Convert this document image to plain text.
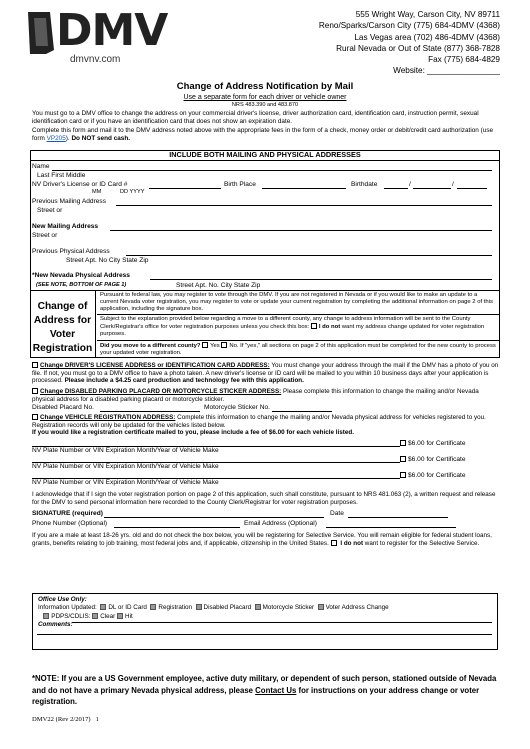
DMV
dmvnv.com
555 Wright Way, Carson City, NV 89711
Reno/Sparks/Carson City (775) 684-4DMV (4368)
Las Vegas area (702) 486-4DMV (4368)
Rural Nevada or Out of State (877) 368-7828
Fax (775) 684-4829
Website: ________________
Change of Address Notification by Mail
Use a separate form for each driver or vehicle owner
NRS 483.390 and 483.870
You must go to a DMV office to change the address on your commercial driver's license, driver authorization card, identification card, instruction permit, sexual identification card or if you have an identification card that does not show an expiration date.
Complete this form and mail it to the DMV address noted above with the appropriate fees in the form of a check, money order or debit/credit card authorization (use form VP205). Do NOT send cash.
INCLUDE BOTH MAILING AND PHYSICAL ADDRESSES
Name
Last First Middle
NV Driver's License or ID Card #	Birth Place	Birthdate	/	/
MM	DD YYYY
Previous Mailing Address
Street or
New Mailing Address
Street or
Previous Physical Address
Street Apt. No City State Zip
*New Nevada Physical Address
(SEE NOTE, BOTTOM OF PAGE 1)	Street Apt. No. City State Zip
Change of Address for Voter Registration
Pursuant to federal law, you may register to vote through the DMV. If you are not registered in Nevada or if you would like to make an update to a current Nevada voter registration, you may register to vote or update your current registration by completing the additional information on page 2 of this application, including the signature box.
Subject to the explanation provided below regarding a move to a different county, any change to address information will be sent to the County Clerk/Registrar's office for voter registration purposes unless you check this box: I do not want my address change updated for voter registration purposes.
Did you move to a different county? Yes No. If "yes," all sections on page 2 of this application must be completed for the new county to process your updated voter registration.
Change DRIVER'S LICENSE ADDRESS or IDENTIFICATION CARD ADDRESS: You must change your address through the mail if the DMV has a photo of you on file. If not, you must go to a DMV office to have a photo taken. A new driver's license or ID card will be mailed to you within 10 business days after your application is processed. Please include a $4.25 card production and technology fee with this application.
Change DISABLED PARKING PLACARD OR MOTORCYCLE STICKER ADDRESS: Please complete this information to change the mailing and/or Nevada physical address for a disabled parking placard or motorcycle sticker.
Disabled Placard No.	Motorcycle Sticker No.
Change VEHICLE REGISTRATION ADDRESS: Complete this information to change the mailing and/or Nevada physical address for vehicles registered to you. Registration records will only be updated for the vehicles listed below.
If you would like a registration certificate mailed to you, please include a fee of $6.00 for each vehicle listed.
$6.00 for Certificate
NV Plate Number or VIN Expiration Month/Year of Vehicle Make
$6.00 for Certificate
NV Plate Number or VIN Expiration Month/Year of Vehicle Make
$6.00 for Certificate
NV Plate Number or VIN Expiration Month/Year of Vehicle Make
I acknowledge that if I sign the voter registration portion on page 2 of this application, such shall constitute, pursuant to NRS 481.063 (2), a written request and release for the DMV to send personal information here recorded to the County Clerk/Registrar for voter registration purposes.
SIGNATURE (required)	Date
Phone Number (Optional)	Email Address (Optional)
If you are a male at least 18-26 yrs. old and do not check the box below, you will be registering for Selective Service. You will remain eligible for federal student loans, grants, benefits relating to job training, most federal jobs and, if applicable, citizenship in the United States.  I do not want to register for the Selective Service.
Office Use Only:
Information Updated: DL or ID Card Registration Disabled Placard Motorcycle Sticker Voter Address Change
PDPS/CDLIS: Clear Hit
Comments:
*NOTE: If you are a US Government employee, active duty military, or dependent of such person, stationed outside of Nevada and do not have a primary Nevada physical address, please Contact Us for instructions on your address change or voter registration.
DMV22 (Rev 2/2017) 1
